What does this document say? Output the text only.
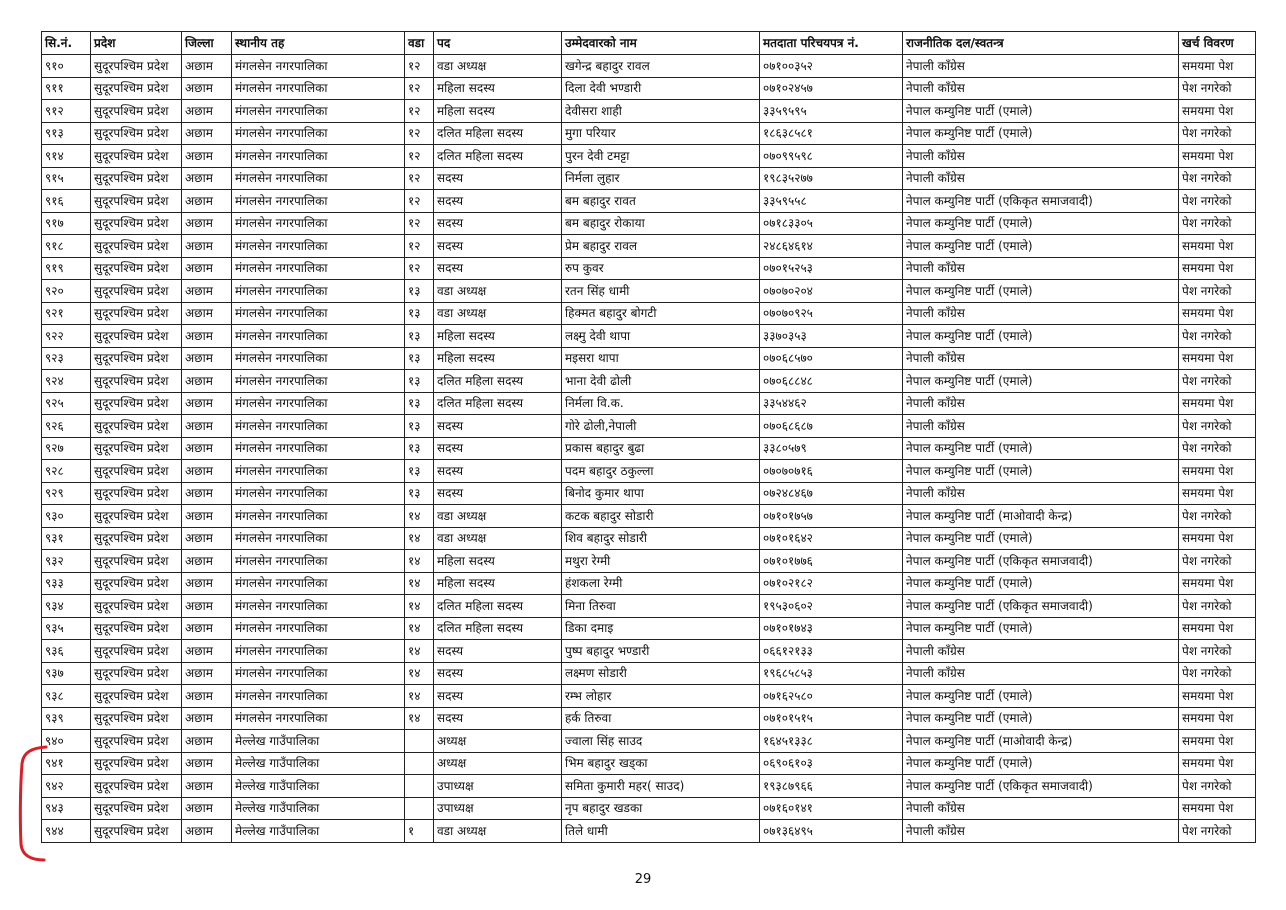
सि.नं.	प्रदेश	जिल्ला	स्थानीय तह	वडा	पद	उम्मेदवारको नाम	मतदाता परिचयपत्र नं.	राजनीतिक दल/स्वतन्त्र	खर्च विवरण
९१०	सुदूरपश्चिम प्रदेश	अछाम	मंगलसेन नगरपालिका	१२	वडा अध्यक्ष	खगेन्द्र बहादुर रावल	०७१००३५२	नेपाली काँग्रेस	समयमा पेश
९११	सुदूरपश्चिम प्रदेश	अछाम	मंगलसेन नगरपालिका	१२	महिला सदस्य	दिला देवी भण्डारी	०७१०२४५७	नेपाली काँग्रेस	पेश नगरेको
९१२	सुदूरपश्चिम प्रदेश	अछाम	मंगलसेन नगरपालिका	१२	महिला सदस्य	देवीसरा शाही	३३५९५९५	नेपाल कम्युनिष्ट पार्टी (एमाले)	समयमा पेश
९१३	सुदूरपश्चिम प्रदेश	अछाम	मंगलसेन नगरपालिका	१२	दलित महिला सदस्य	मुगा परियार	१८६३८५८१	नेपाल कम्युनिष्ट पार्टी (एमाले)	पेश नगरेको
९१४	सुदूरपश्चिम प्रदेश	अछाम	मंगलसेन नगरपालिका	१२	दलित महिला सदस्य	पुरन देवी टमट्टा	०७०९९५९८	नेपाली काँग्रेस	समयमा पेश
९१५	सुदूरपश्चिम प्रदेश	अछाम	मंगलसेन नगरपालिका	१२	सदस्य	निर्मला लुहार	१९८३५२७७	नेपाली काँग्रेस	पेश नगरेको
९१६	सुदूरपश्चिम प्रदेश	अछाम	मंगलसेन नगरपालिका	१२	सदस्य	बम बहादुर रावत	३३५९५५८	नेपाल कम्युनिष्ट पार्टी (एकिकृत समाजवादी)	पेश नगरेको
९१७	सुदूरपश्चिम प्रदेश	अछाम	मंगलसेन नगरपालिका	१२	सदस्य	बम बहादुर रोकाया	०७१८३३०५	नेपाल कम्युनिष्ट पार्टी (एमाले)	पेश नगरेको
९१८	सुदूरपश्चिम प्रदेश	अछाम	मंगलसेन नगरपालिका	१२	सदस्य	प्रेम बहादुर रावल	२४८६४६१४	नेपाल कम्युनिष्ट पार्टी (एमाले)	समयमा पेश
९१९	सुदूरपश्चिम प्रदेश	अछाम	मंगलसेन नगरपालिका	१२	सदस्य	रुप कुवर	०७०१५२५३	नेपाली काँग्रेस	समयमा पेश
९२०	सुदूरपश्चिम प्रदेश	अछाम	मंगलसेन नगरपालिका	१३	वडा अध्यक्ष	रतन सिंह धामी	०७०७०२०४	नेपाल कम्युनिष्ट पार्टी (एमाले)	पेश नगरेको
९२१	सुदूरपश्चिम प्रदेश	अछाम	मंगलसेन नगरपालिका	१३	वडा अध्यक्ष	हिक्मत बहादुर बोगटी	०७०७०९२५	नेपाली काँग्रेस	समयमा पेश
९२२	सुदूरपश्चिम प्रदेश	अछाम	मंगलसेन नगरपालिका	१३	महिला सदस्य	लक्ष्मु देवी थापा	३३७०३५३	नेपाल कम्युनिष्ट पार्टी (एमाले)	पेश नगरेको
९२३	सुदूरपश्चिम प्रदेश	अछाम	मंगलसेन नगरपालिका	१३	महिला सदस्य	मइसरा थापा	०७०६८५७०	नेपाली काँग्रेस	समयमा पेश
९२४	सुदूरपश्चिम प्रदेश	अछाम	मंगलसेन नगरपालिका	१३	दलित महिला सदस्य	भाना देवी ढोली	०७०६८८४८	नेपाल कम्युनिष्ट पार्टी (एमाले)	पेश नगरेको
९२५	सुदूरपश्चिम प्रदेश	अछाम	मंगलसेन नगरपालिका	१३	दलित महिला सदस्य	निर्मला वि.क.	३३५४४६२	नेपाली काँग्रेस	समयमा पेश
९२६	सुदूरपश्चिम प्रदेश	अछाम	मंगलसेन नगरपालिका	१३	सदस्य	गोरे ढोली,नेपाली	०७०६८६८७	नेपाली काँग्रेस	पेश नगरेको
९२७	सुदूरपश्चिम प्रदेश	अछाम	मंगलसेन नगरपालिका	१३	सदस्य	प्रकास बहादुर बुढा	३३८०५७९	नेपाल कम्युनिष्ट पार्टी (एमाले)	पेश नगरेको
९२८	सुदूरपश्चिम प्रदेश	अछाम	मंगलसेन नगरपालिका	१३	सदस्य	पदम बहादुर ठकुल्ला	०७०७०७१६	नेपाल कम्युनिष्ट पार्टी (एमाले)	समयमा पेश
९२९	सुदूरपश्चिम प्रदेश	अछाम	मंगलसेन नगरपालिका	१३	सदस्य	बिनोद कुमार थापा	०७२४८४६७	नेपाली काँग्रेस	समयमा पेश
९३०	सुदूरपश्चिम प्रदेश	अछाम	मंगलसेन नगरपालिका	१४	वडा अध्यक्ष	कटक बहादुर सोडारी	०७१०१७५७	नेपाल कम्युनिष्ट पार्टी (माओवादी केन्द्र)	पेश नगरेको
९३१	सुदूरपश्चिम प्रदेश	अछाम	मंगलसेन नगरपालिका	१४	वडा अध्यक्ष	शिव बहादुर सोडारी	०७१०१६४२	नेपाल कम्युनिष्ट पार्टी (एमाले)	समयमा पेश
९३२	सुदूरपश्चिम प्रदेश	अछाम	मंगलसेन नगरपालिका	१४	महिला सदस्य	मथुरा रेग्मी	०७१०१७७६	नेपाल कम्युनिष्ट पार्टी (एकिकृत समाजवादी)	पेश नगरेको
९३३	सुदूरपश्चिम प्रदेश	अछाम	मंगलसेन नगरपालिका	१४	महिला सदस्य	हंशकला रेग्मी	०७१०२१८२	नेपाल कम्युनिष्ट पार्टी (एमाले)	समयमा पेश
९३४	सुदूरपश्चिम प्रदेश	अछाम	मंगलसेन नगरपालिका	१४	दलित महिला सदस्य	मिना तिरुवा	१९५३०६०२	नेपाल कम्युनिष्ट पार्टी (एकिकृत समाजवादी)	पेश नगरेको
९३५	सुदूरपश्चिम प्रदेश	अछाम	मंगलसेन नगरपालिका	१४	दलित महिला सदस्य	डिका दमाइ	०७१०१७४३	नेपाल कम्युनिष्ट पार्टी (एमाले)	समयमा पेश
९३६	सुदूरपश्चिम प्रदेश	अछाम	मंगलसेन नगरपालिका	१४	सदस्य	पुष्प बहादुर भण्डारी	०६६१२१३३	नेपाली काँग्रेस	पेश नगरेको
९३७	सुदूरपश्चिम प्रदेश	अछाम	मंगलसेन नगरपालिका	१४	सदस्य	लक्ष्मण सोडारी	१९६८५८५३	नेपाली काँग्रेस	पेश नगरेको
९३८	सुदूरपश्चिम प्रदेश	अछाम	मंगलसेन नगरपालिका	१४	सदस्य	रम्भ लोहार	०७१६२५८०	नेपाल कम्युनिष्ट पार्टी (एमाले)	समयमा पेश
९३९	सुदूरपश्चिम प्रदेश	अछाम	मंगलसेन नगरपालिका	१४	सदस्य	हर्क तिरुवा	०७१०१५१५	नेपाल कम्युनिष्ट पार्टी (एमाले)	समयमा पेश
९४०	सुदूरपश्चिम प्रदेश	अछाम	मेल्लेख गाउँपालिका		अध्यक्ष	ज्वाला सिंह साउद	१६४५१३३८	नेपाल कम्युनिष्ट पार्टी (माओवादी केन्द्र)	समयमा पेश
९४१	सुदूरपश्चिम प्रदेश	अछाम	मेल्लेख गाउँपालिका		अध्यक्ष	भिम बहादुर खड्का	०६९०६१०३	नेपाल कम्युनिष्ट पार्टी (एमाले)	समयमा पेश
९४२	सुदूरपश्चिम प्रदेश	अछाम	मेल्लेख गाउँपालिका		उपाध्यक्ष	समिता कुमारी महर( साउद)	१९३८७९६६	नेपाल कम्युनिष्ट पार्टी (एकिकृत समाजवादी)	पेश नगरेको
९४३	सुदूरपश्चिम प्रदेश	अछाम	मेल्लेख गाउँपालिका		उपाध्यक्ष	नृप बहादुर खडका	०७१६०१४१	नेपाली काँग्रेस	समयमा पेश
९४४	सुदूरपश्चिम प्रदेश	अछाम	मेल्लेख गाउँपालिका	१	वडा अध्यक्ष	तिले धामी	०७१३६४९५	नेपाली काँग्रेस	पेश नगरेको
29
